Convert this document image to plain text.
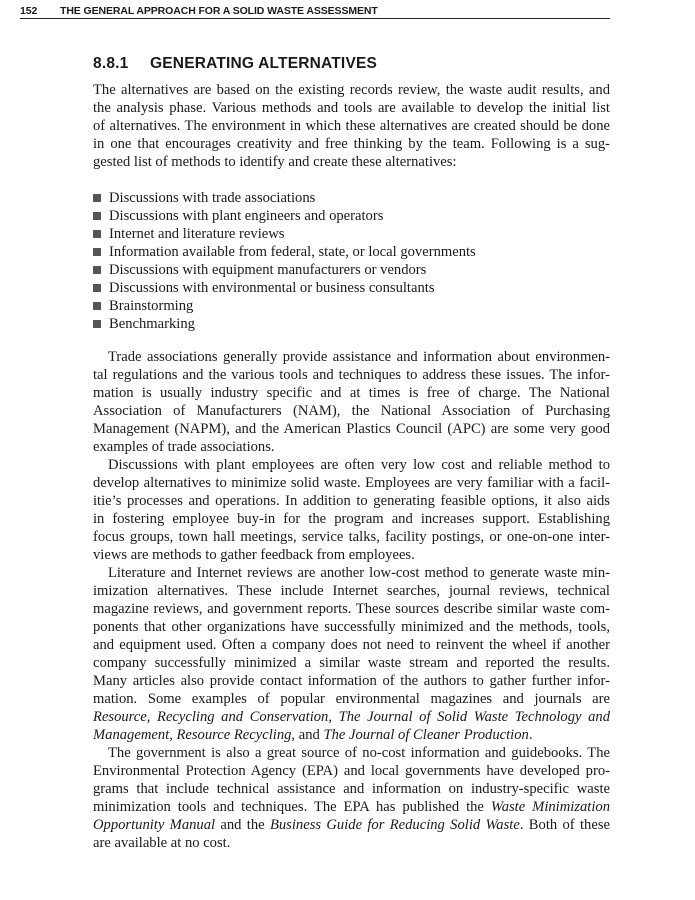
152 THE GENERAL APPROACH FOR A SOLID WASTE ASSESSMENT
8.8.1 GENERATING ALTERNATIVES
The alternatives are based on the existing records review, the waste audit results, and
the analysis phase. Various methods and tools are available to develop the initial list
of alternatives. The environment in which these alternatives are created should be done
in one that encourages creativity and free thinking by the team. Following is a sug-
gested list of methods to identify and create these alternatives:
Discussions with trade associations
Discussions with plant engineers and operators
Internet and literature reviews
Information available from federal, state, or local governments
Discussions with equipment manufacturers or vendors
Discussions with environmental or business consultants
Brainstorming
Benchmarking
Trade associations generally provide assistance and information about environmen-
tal regulations and the various tools and techniques to address these issues. The infor-
mation is usually industry specific and at times is free of charge. The National
Association of Manufacturers (NAM), the National Association of Purchasing
Management (NAPM), and the American Plastics Council (APC) are some very good
examples of trade associations.
Discussions with plant employees are often very low cost and reliable method to
develop alternatives to minimize solid waste. Employees are very familiar with a facil-
itie’s processes and operations. In addition to generating feasible options, it also aids
in fostering employee buy-in for the program and increases support. Establishing
focus groups, town hall meetings, service talks, facility postings, or one-on-one inter-
views are methods to gather feedback from employees.
Literature and Internet reviews are another low-cost method to generate waste min-
imization alternatives. These include Internet searches, journal reviews, technical
magazine reviews, and government reports. These sources describe similar waste com-
ponents that other organizations have successfully minimized and the methods, tools,
and equipment used. Often a company does not need to reinvent the wheel if another
company successfully minimized a similar waste stream and reported the results.
Many articles also provide contact information of the authors to gather further infor-
mation. Some examples of popular environmental magazines and journals are
Resource, Recycling and Conservation, The Journal of Solid Waste Technology and
Management, Resource Recycling, and The Journal of Cleaner Production.
The government is also a great source of no-cost information and guidebooks. The
Environmental Protection Agency (EPA) and local governments have developed pro-
grams that include technical assistance and information on industry-specific waste
minimization tools and techniques. The EPA has published the Waste Minimization
Opportunity Manual and the Business Guide for Reducing Solid Waste. Both of these
are available at no cost.
